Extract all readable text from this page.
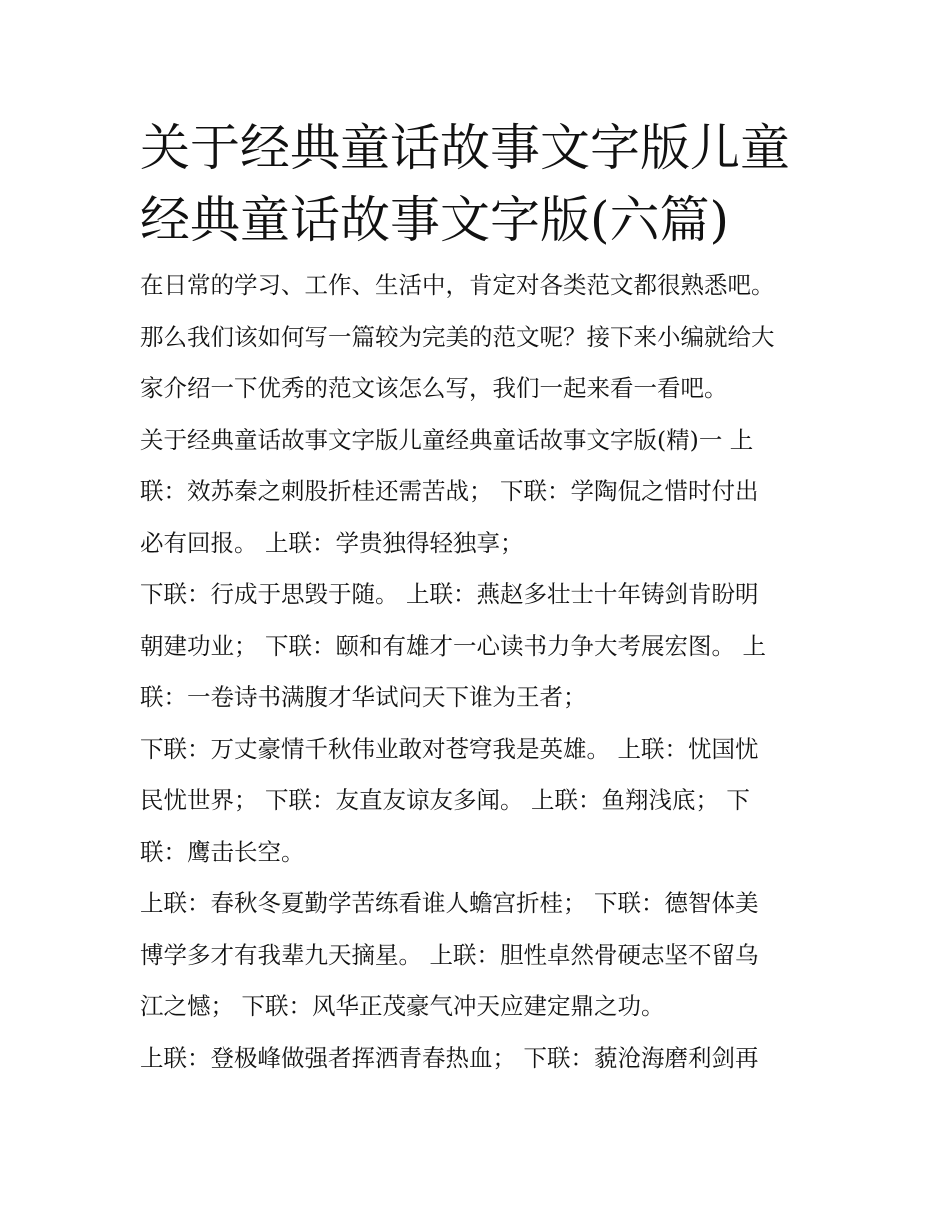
关于经典童话故事文字版儿童
经典童话故事文字版(六篇)

在日常的学习、工作、生活中，肯定对各类范文都很熟悉吧。
那么我们该如何写一篇较为完美的范文呢？接下来小编就给大
家介绍一下优秀的范文该怎么写，我们一起来看一看吧。

关于经典童话故事文字版儿童经典童话故事文字版(精)一 上
联：效苏秦之刺股折桂还需苦战； 下联：学陶侃之惜时付出
必有回报。 上联：学贵独得轻独享；

下联：行成于思毁于随。 上联：燕赵多壮士十年铸剑肯盼明
朝建功业； 下联：颐和有雄才一心读书力争大考展宏图。 上
联：一卷诗书满腹才华试问天下谁为王者；

下联：万丈豪情千秋伟业敢对苍穹我是英雄。 上联：忧国忧
民忧世界； 下联：友直友谅友多闻。 上联：鱼翔浅底； 下
联：鹰击长空。

上联：春秋冬夏勤学苦练看谁人蟾宫折桂； 下联：德智体美
博学多才有我辈九天摘星。 上联：胆性卓然骨硬志坚不留乌
江之憾； 下联：风华正茂豪气冲天应建定鼎之功。

上联：登极峰做强者挥洒青春热血； 下联：藐沧海磨利剑再
